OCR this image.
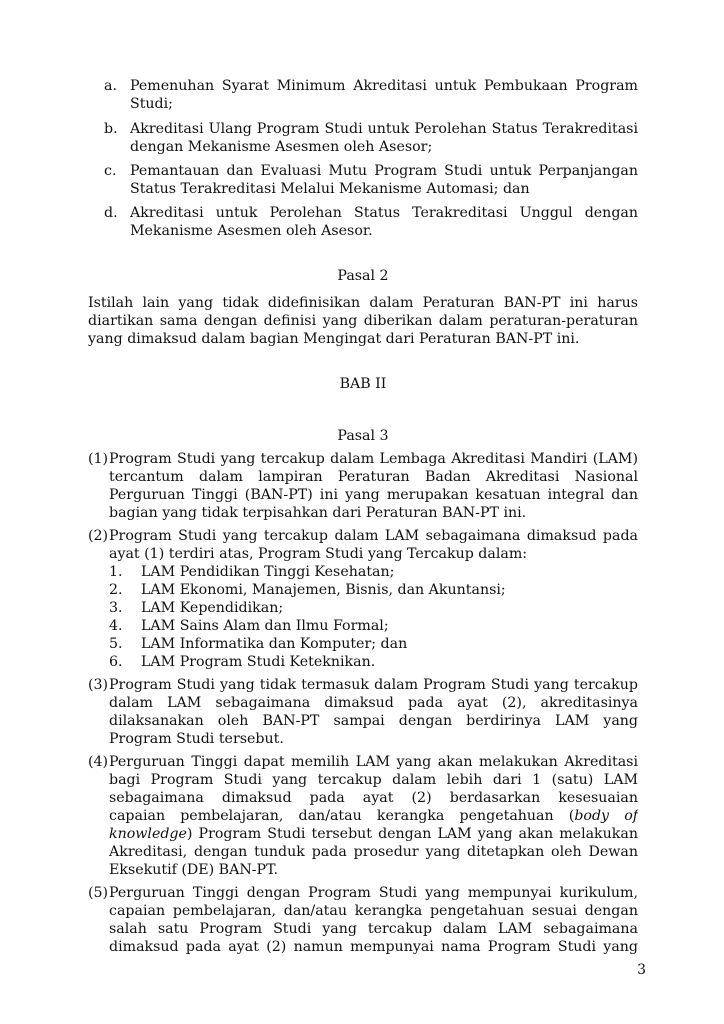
a. Pemenuhan Syarat Minimum Akreditasi untuk Pembukaan Program
Studi;
b. Akreditasi Ulang Program Studi untuk Perolehan Status Terakreditasi
dengan Mekanisme Asesmen oleh Asesor;
c. Pemantauan dan Evaluasi Mutu Program Studi untuk Perpanjangan
Status Terakreditasi Melalui Mekanisme Automasi; dan
d. Akreditasi untuk Perolehan Status Terakreditasi Unggul dengan
Mekanisme Asesmen oleh Asesor.
Pasal 2
Istilah lain yang tidak didefinisikan dalam Peraturan BAN-PT ini harus
diartikan sama dengan definisi yang diberikan dalam peraturan-peraturan
yang dimaksud dalam bagian Mengingat dari Peraturan BAN-PT ini.
BAB II
Pasal 3
(1) Program Studi yang tercakup dalam Lembaga Akreditasi Mandiri (LAM)
tercantum dalam lampiran Peraturan Badan Akreditasi Nasional
Perguruan Tinggi (BAN-PT) ini yang merupakan kesatuan integral dan
bagian yang tidak terpisahkan dari Peraturan BAN-PT ini.
(2) Program Studi yang tercakup dalam LAM sebagaimana dimaksud pada
ayat (1) terdiri atas, Program Studi yang Tercakup dalam:
1. LAM Pendidikan Tinggi Kesehatan;
2. LAM Ekonomi, Manajemen, Bisnis, dan Akuntansi;
3. LAM Kependidikan;
4. LAM Sains Alam dan Ilmu Formal;
5. LAM Informatika dan Komputer; dan
6. LAM Program Studi Keteknikan.
(3) Program Studi yang tidak termasuk dalam Program Studi yang tercakup
dalam LAM sebagaimana dimaksud pada ayat (2), akreditasinya
dilaksanakan oleh BAN-PT sampai dengan berdirinya LAM yang
Program Studi tersebut.
(4) Perguruan Tinggi dapat memilih LAM yang akan melakukan Akreditasi
bagi Program Studi yang tercakup dalam lebih dari 1 (satu) LAM
sebagaimana dimaksud pada ayat (2) berdasarkan kesesuaian
capaian pembelajaran, dan/atau kerangka pengetahuan (body of
knowledge) Program Studi tersebut dengan LAM yang akan melakukan
Akreditasi, dengan tunduk pada prosedur yang ditetapkan oleh Dewan
Eksekutif (DE) BAN-PT.
(5) Perguruan Tinggi dengan Program Studi yang mempunyai kurikulum,
capaian pembelajaran, dan/atau kerangka pengetahuan sesuai dengan
salah satu Program Studi yang tercakup dalam LAM sebagaimana
dimaksud pada ayat (2) namun mempunyai nama Program Studi yang
3
